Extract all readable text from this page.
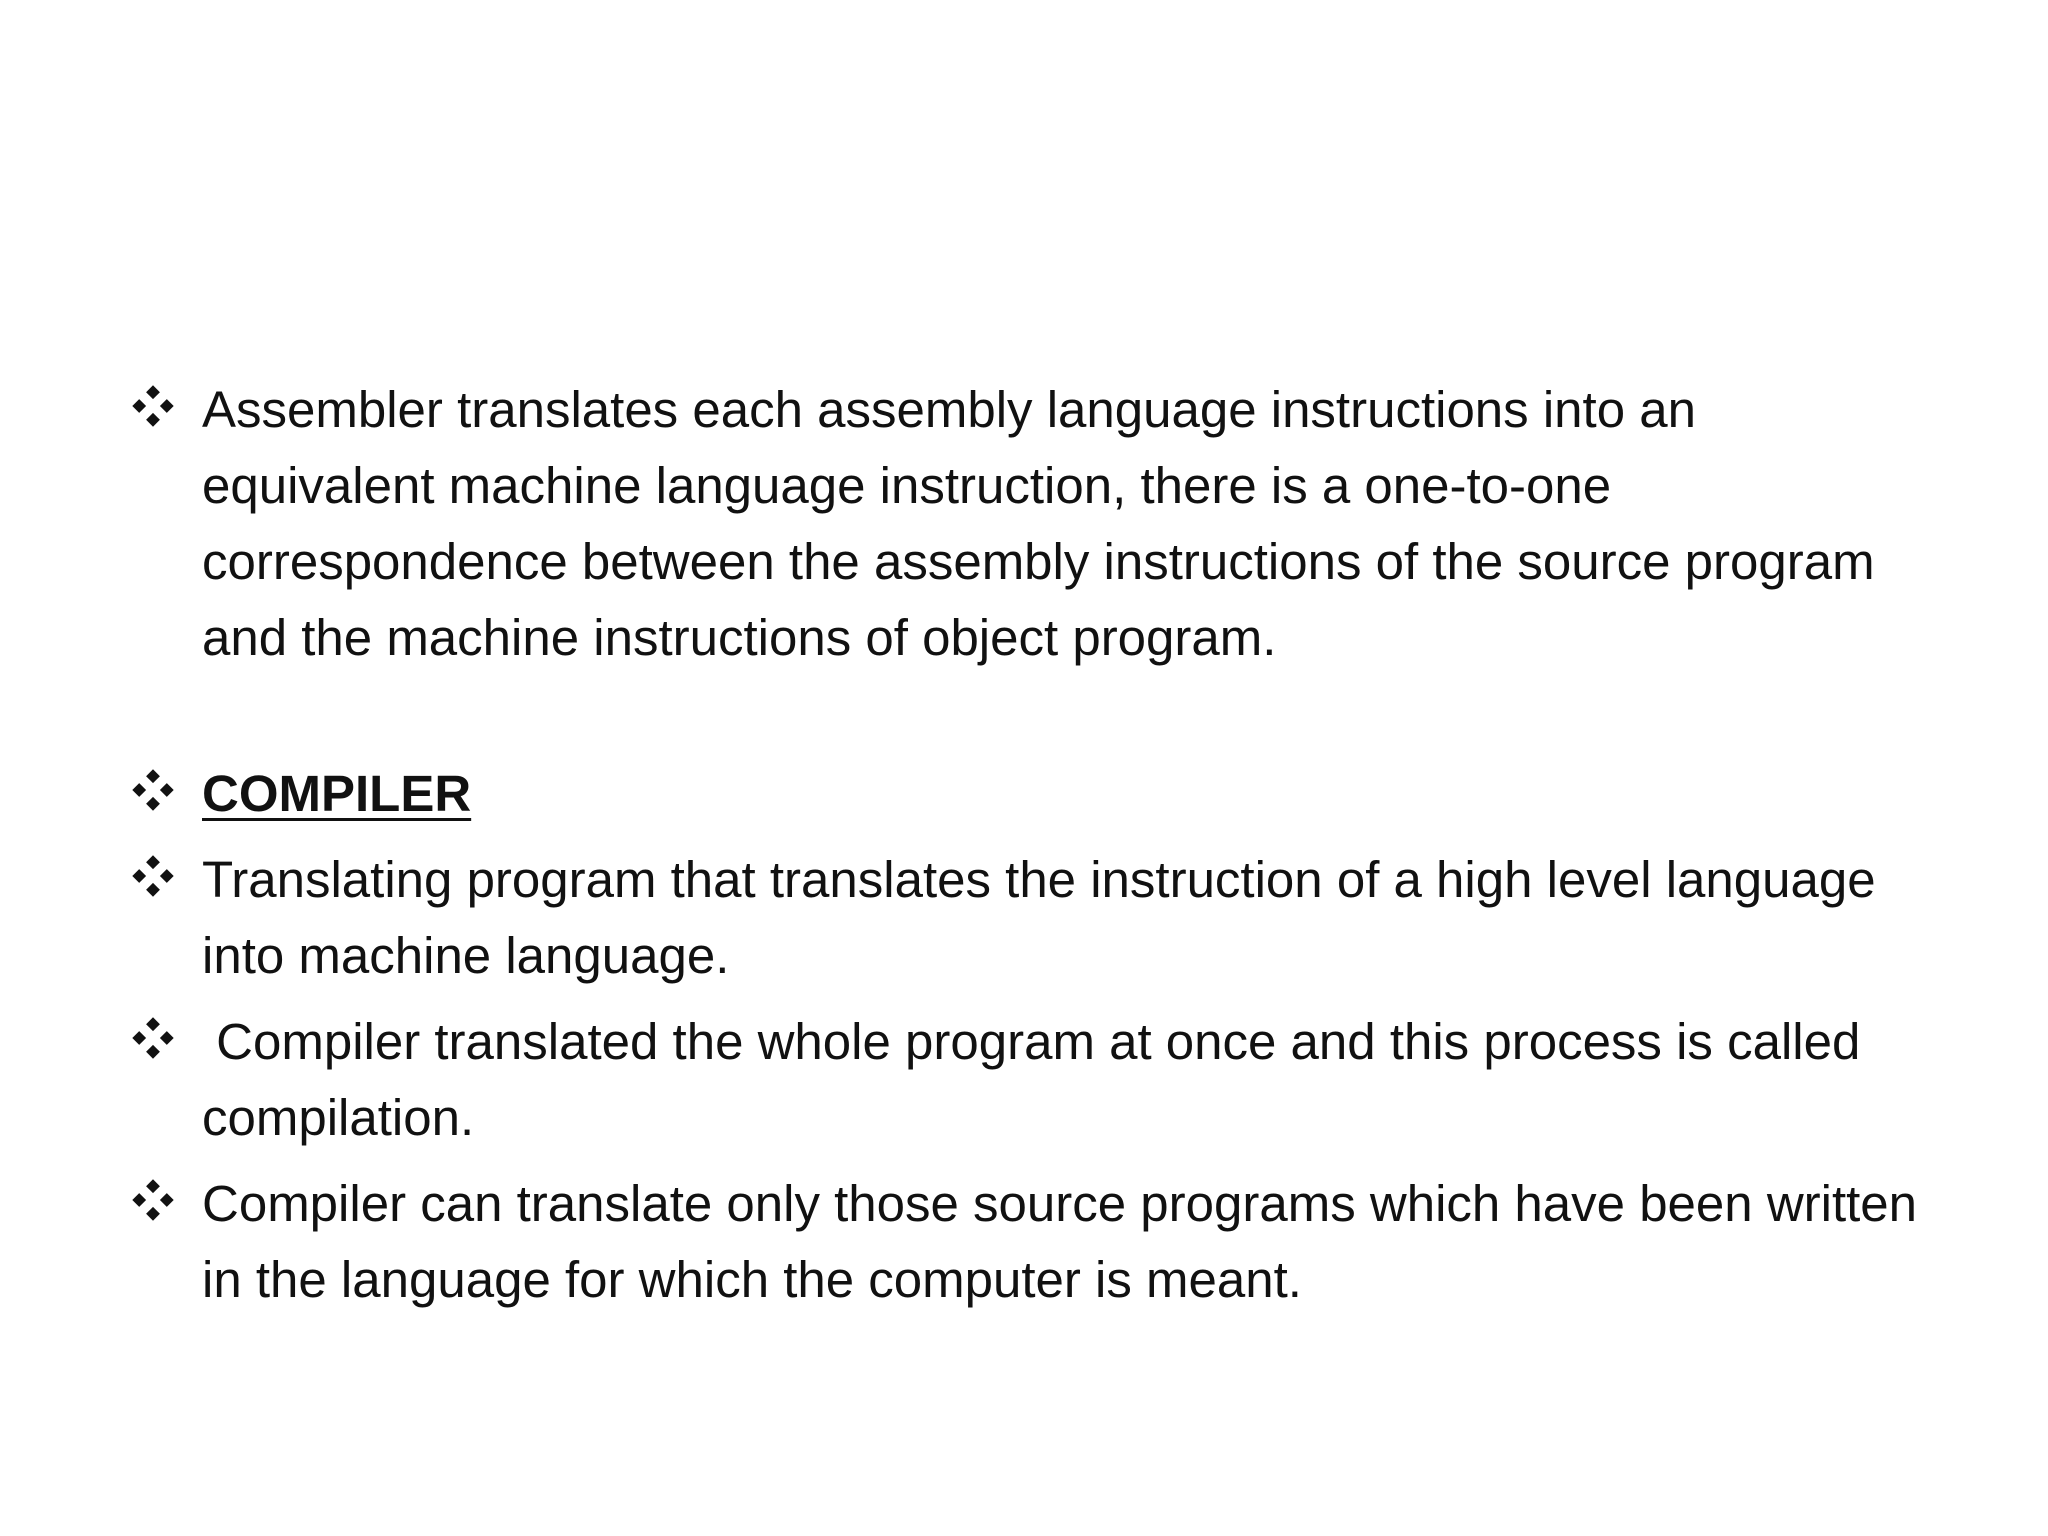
Assembler translates each assembly language instructions into an equivalent machine language instruction, there is a one-to-one correspondence between the assembly instructions of the source program and the machine instructions of object program.
COMPILER
Translating program that translates the instruction of a high level language into machine language.
Compiler translated the whole program at once and this process is called compilation.
Compiler can translate only those source programs which have been written in the language for which the computer is meant.
